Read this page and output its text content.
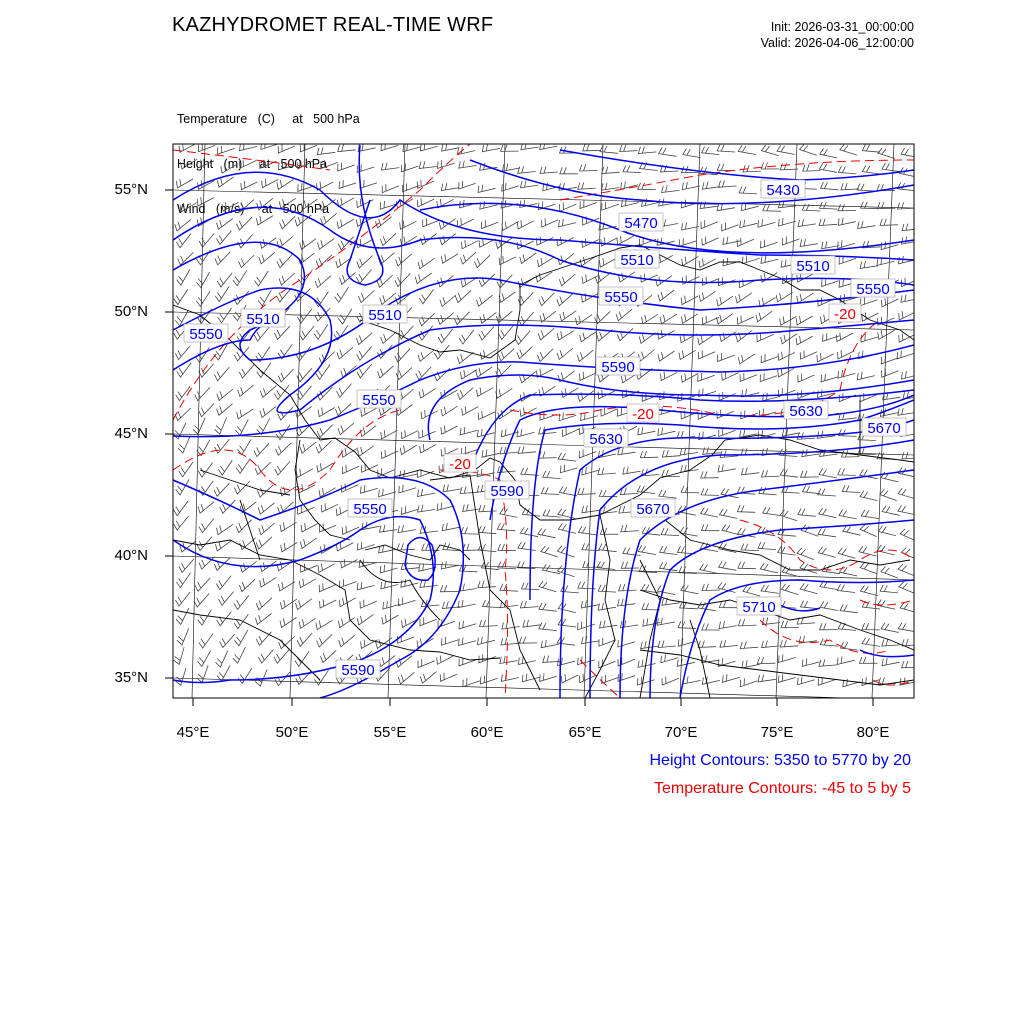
KAZHYDROMET REAL-TIME WRF	Init: 2026-03-31_00:00:00
Valid: 2026-04-06_12:00:00

Temperature   (C)     at   500 hPa

Height   (m)     at   500 hPa

Wind   (m/s)     at   500 hPa

5430
5470
5510	5510
5550
5510
5550
5510
5550
5550
5590
5630
5630
5670
5590
5550	5670
5710
5590
-20
-20
-20
55°N
50°N
45°N
40°N
35°N
45°E	50°E	55°E	60°E	65°E	70°E	75°E	80°E
Height Contours: 5350 to 5770 by 20
Temperature Contours: -45 to 5 by 5
